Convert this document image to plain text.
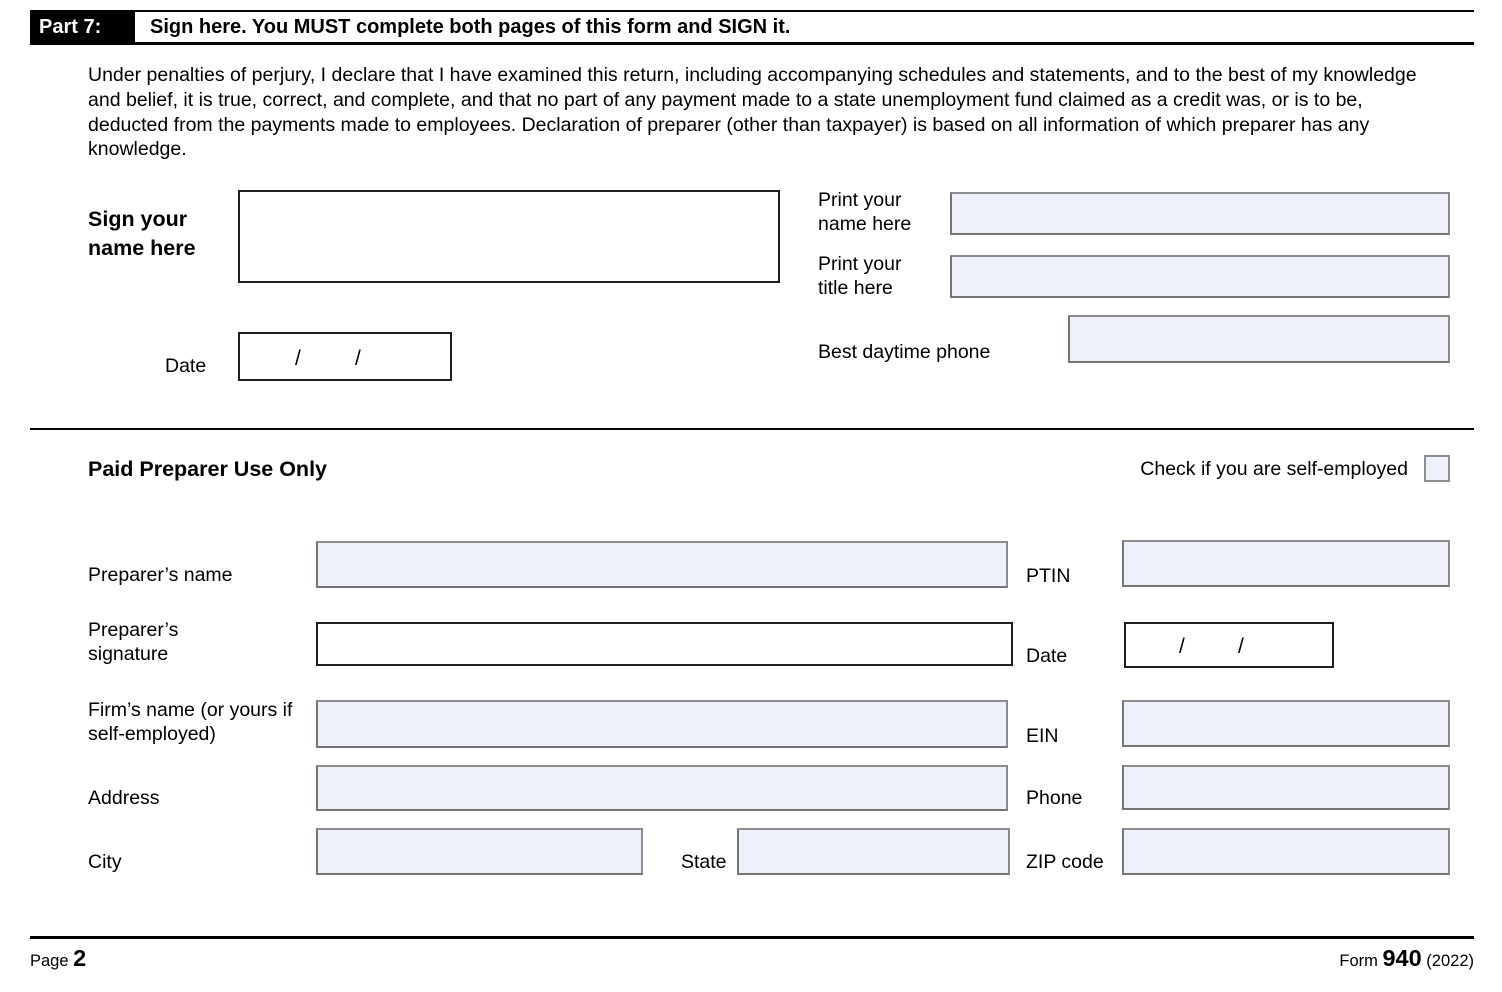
Part 7:	Sign here. You MUST complete both pages of this form and SIGN it.
Under penalties of perjury, I declare that I have examined this return, including accompanying schedules and statements, and to the best of my knowledge and belief, it is true, correct, and complete, and that no part of any payment made to a state unemployment fund claimed as a credit was, or is to be, deducted from the payments made to employees. Declaration of preparer (other than taxpayer) is based on all information of which preparer has any knowledge.
Sign your name here
Date	/	/
Print your name here
Print your title here
Best daytime phone
Paid Preparer Use Only	Check if you are self-employed
Preparer’s name	PTIN
Preparer’s signature	Date	/	/
Firm’s name (or yours if self-employed)	EIN
Address	Phone
City	State	ZIP code
Page 2	Form 940 (2022)
